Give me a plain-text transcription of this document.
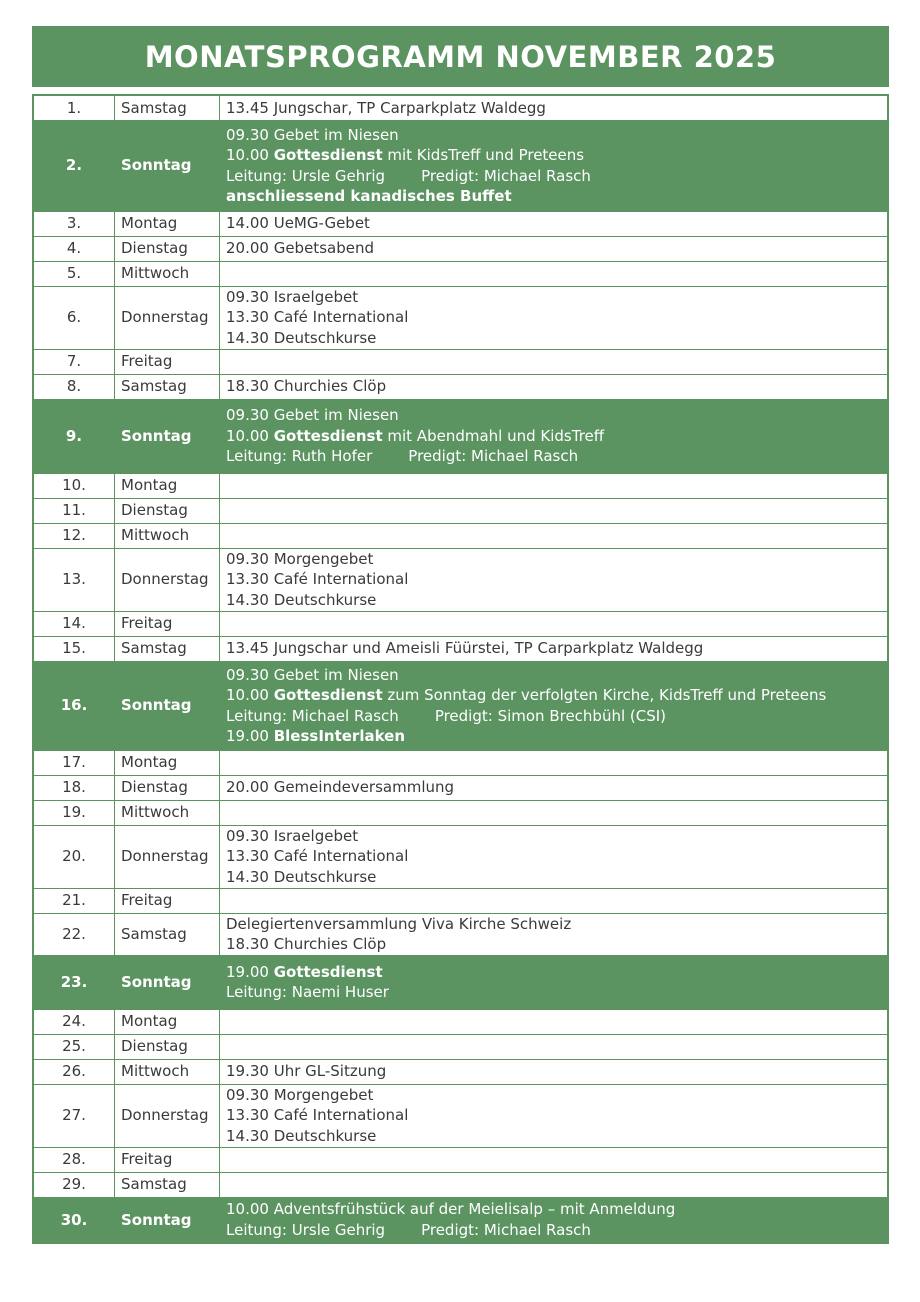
MONATSPROGRAMM NOVEMBER 2025
1.	Samstag	13.45 Jungschar, TP Carparkplatz Waldegg

2.	Sonntag	09.30 Gebet im Niesen
10.00 Gottesdienst mit KidsTreff und Preteens
Leitung: Ursle Gehrig Predigt: Michael Rasch
anschliessend kanadisches Buffet

3.	Montag	14.00 UeMG-Gebet

4.	Dienstag	20.00 Gebetsabend

5.	Mittwoch	
6.	Donnerstag	09.30 Israelgebet
13.30 Café International
14.30 Deutschkurse

7.	Freitag	
8.	Samstag	18.30 Churchies Clöp

9.	Sonntag	09.30 Gebet im Niesen
10.00 Gottesdienst mit Abendmahl und KidsTreff
Leitung: Ruth Hofer Predigt: Michael Rasch

10.	Montag	
11.	Dienstag	
12.	Mittwoch	
13.	Donnerstag	09.30 Morgengebet
13.30 Café International
14.30 Deutschkurse

14.	Freitag	
15.	Samstag	13.45 Jungschar und Ameisli Füürstei, TP Carparkplatz Waldegg

16.	Sonntag	09.30 Gebet im Niesen
10.00 Gottesdienst zum Sonntag der verfolgten Kirche, KidsTreff und Preteens
Leitung: Michael Rasch Predigt: Simon Brechbühl (CSI)
19.00 BlessInterlaken

17.	Montag	
18.	Dienstag	20.00 Gemeindeversammlung

19.	Mittwoch	
20.	Donnerstag	09.30 Israelgebet
13.30 Café International
14.30 Deutschkurse

21.	Freitag	
22.	Samstag	Delegiertenversammlung Viva Kirche Schweiz
18.30 Churchies Clöp

23.	Sonntag	19.00 Gottesdienst
Leitung: Naemi Huser

24.	Montag	
25.	Dienstag	
26.	Mittwoch	19.30 Uhr GL-Sitzung

27.	Donnerstag	09.30 Morgengebet
13.30 Café International
14.30 Deutschkurse

28.	Freitag	
29.	Samstag	
30.	Sonntag	10.00 Adventsfrühstück auf der Meielisalp – mit Anmeldung
Leitung: Ursle Gehrig Predigt: Michael Rasch
